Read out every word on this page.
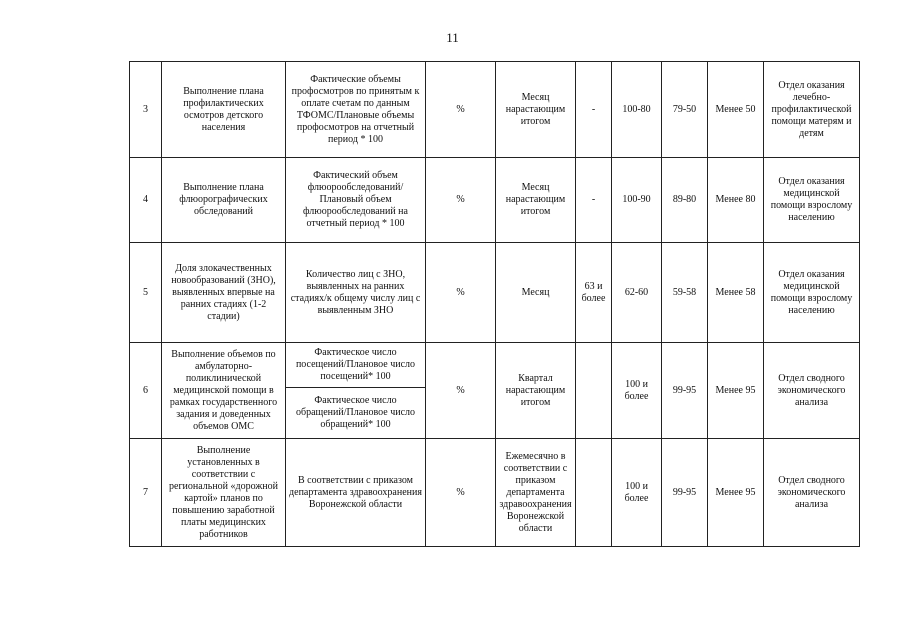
11
3	Выполнение плана профилактических осмотров детского населения	Фактические объемы профосмотров по принятым к оплате счетам по данным ТФОМС/Плановые объемы профосмотров на отчетный период * 100	%	Месяц нарастающим итогом	-	100-80	79-50	Менее 50	Отдел оказания лечебно-профилактической помощи матерям и детям
4	Выполнение плана флюорографических обследований	Фактический объем флюорообследований/Плановый объем флюорообследований на отчетный период * 100	%	Месяц нарастающим итогом	-	100-90	89-80	Менее 80	Отдел оказания медицинской помощи взрослому населению
5	Доля злокачественных новообразований (ЗНО), выявленных впервые на ранних стадиях (1-2 стадии)	Количество лиц с ЗНО, выявленных на ранних стадиях/к общему числу лиц с выявленным ЗНО	%	Месяц	63 и более	62-60	59-58	Менее 58	Отдел оказания медицинской помощи взрослому населению
6	Выполнение объемов по амбулаторно-поликлинической медицинской помощи в рамках государственного задания и доведенных объемов ОМС	Фактическое число посещений/Плановое число посещений* 100	%	Квартал нарастающим итогом		100 и более	99-95	Менее 95	Отдел сводного экономического анализа
		Фактическое число обращений/Плановое число обращений* 100							
7	Выполнение установленных в соответствии с региональной «дорожной картой» планов по повышению заработной платы медицинских работников	В соответствии с приказом департамента здравоохранения Воронежской области	%	Ежемесячно в соответствии с приказом департамента здравоохранения Воронежской области		100 и более	99-95	Менее 95	Отдел сводного экономического анализа
